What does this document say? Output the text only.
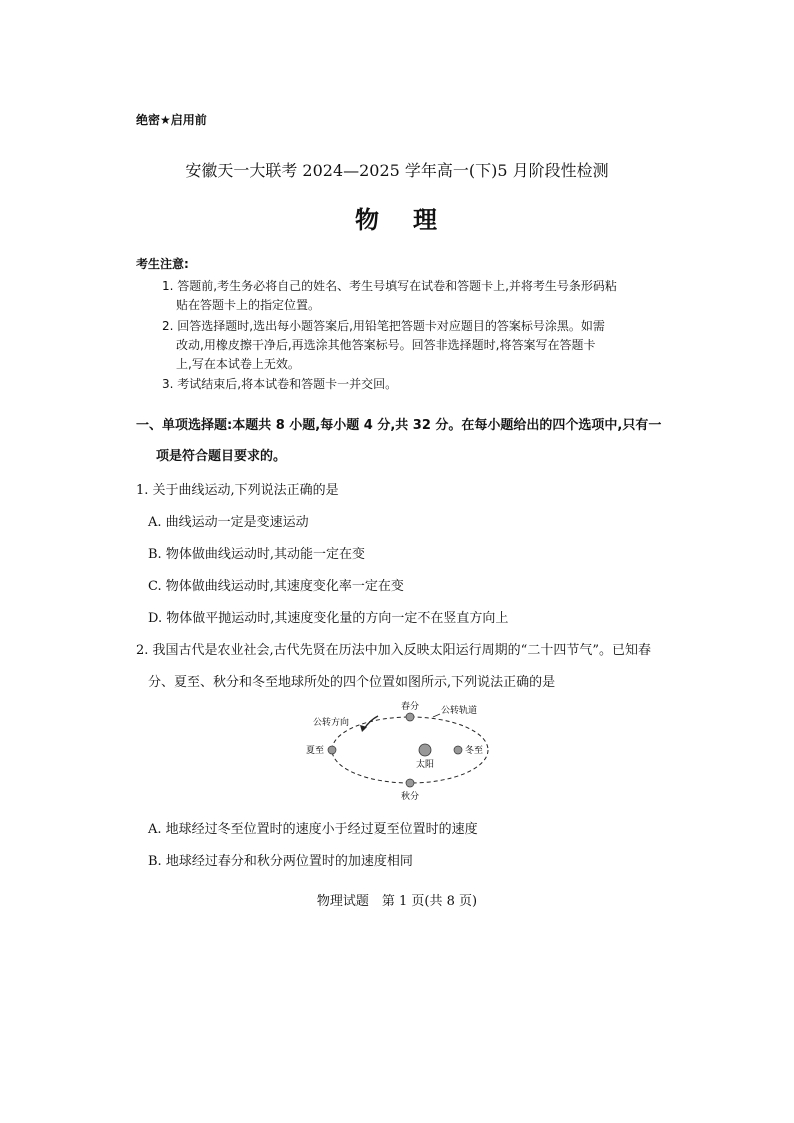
绝密★启用前
安徽天一大联考 2024—2025 学年高一(下)5 月阶段性检测
物 理
考生注意:
1. 答题前,考生务必将自己的姓名、考生号填写在试卷和答题卡上,并将考生号条形码粘
贴在答题卡上的指定位置。
2. 回答选择题时,选出每小题答案后,用铅笔把答题卡对应题目的答案标号涂黑。如需
改动,用橡皮擦干净后,再选涂其他答案标号。回答非选择题时,将答案写在答题卡
上,写在本试卷上无效。
3. 考试结束后,将本试卷和答题卡一并交回。
一、单项选择题:本题共 8 小题,每小题 4 分,共 32 分。在每小题给出的四个选项中,只有一
项是符合题目要求的。
1. 关于曲线运动,下列说法正确的是
A. 曲线运动一定是变速运动
B. 物体做曲线运动时,其动能一定在变
C. 物体做曲线运动时,其速度变化率一定在变
D. 物体做平抛运动时,其速度变化量的方向一定不在竖直方向上
2. 我国古代是农业社会,古代先贤在历法中加入反映太阳运行周期的“二十四节气”。已知春
分、夏至、秋分和冬至地球所处的四个位置如图所示,下列说法正确的是
春分
夏至
秋分
冬至
太阳
公转方向
公转轨道
A. 地球经过冬至位置时的速度小于经过夏至位置时的速度
B. 地球经过春分和秋分两位置时的加速度相同
物理试题　第 1 页(共 8 页)
